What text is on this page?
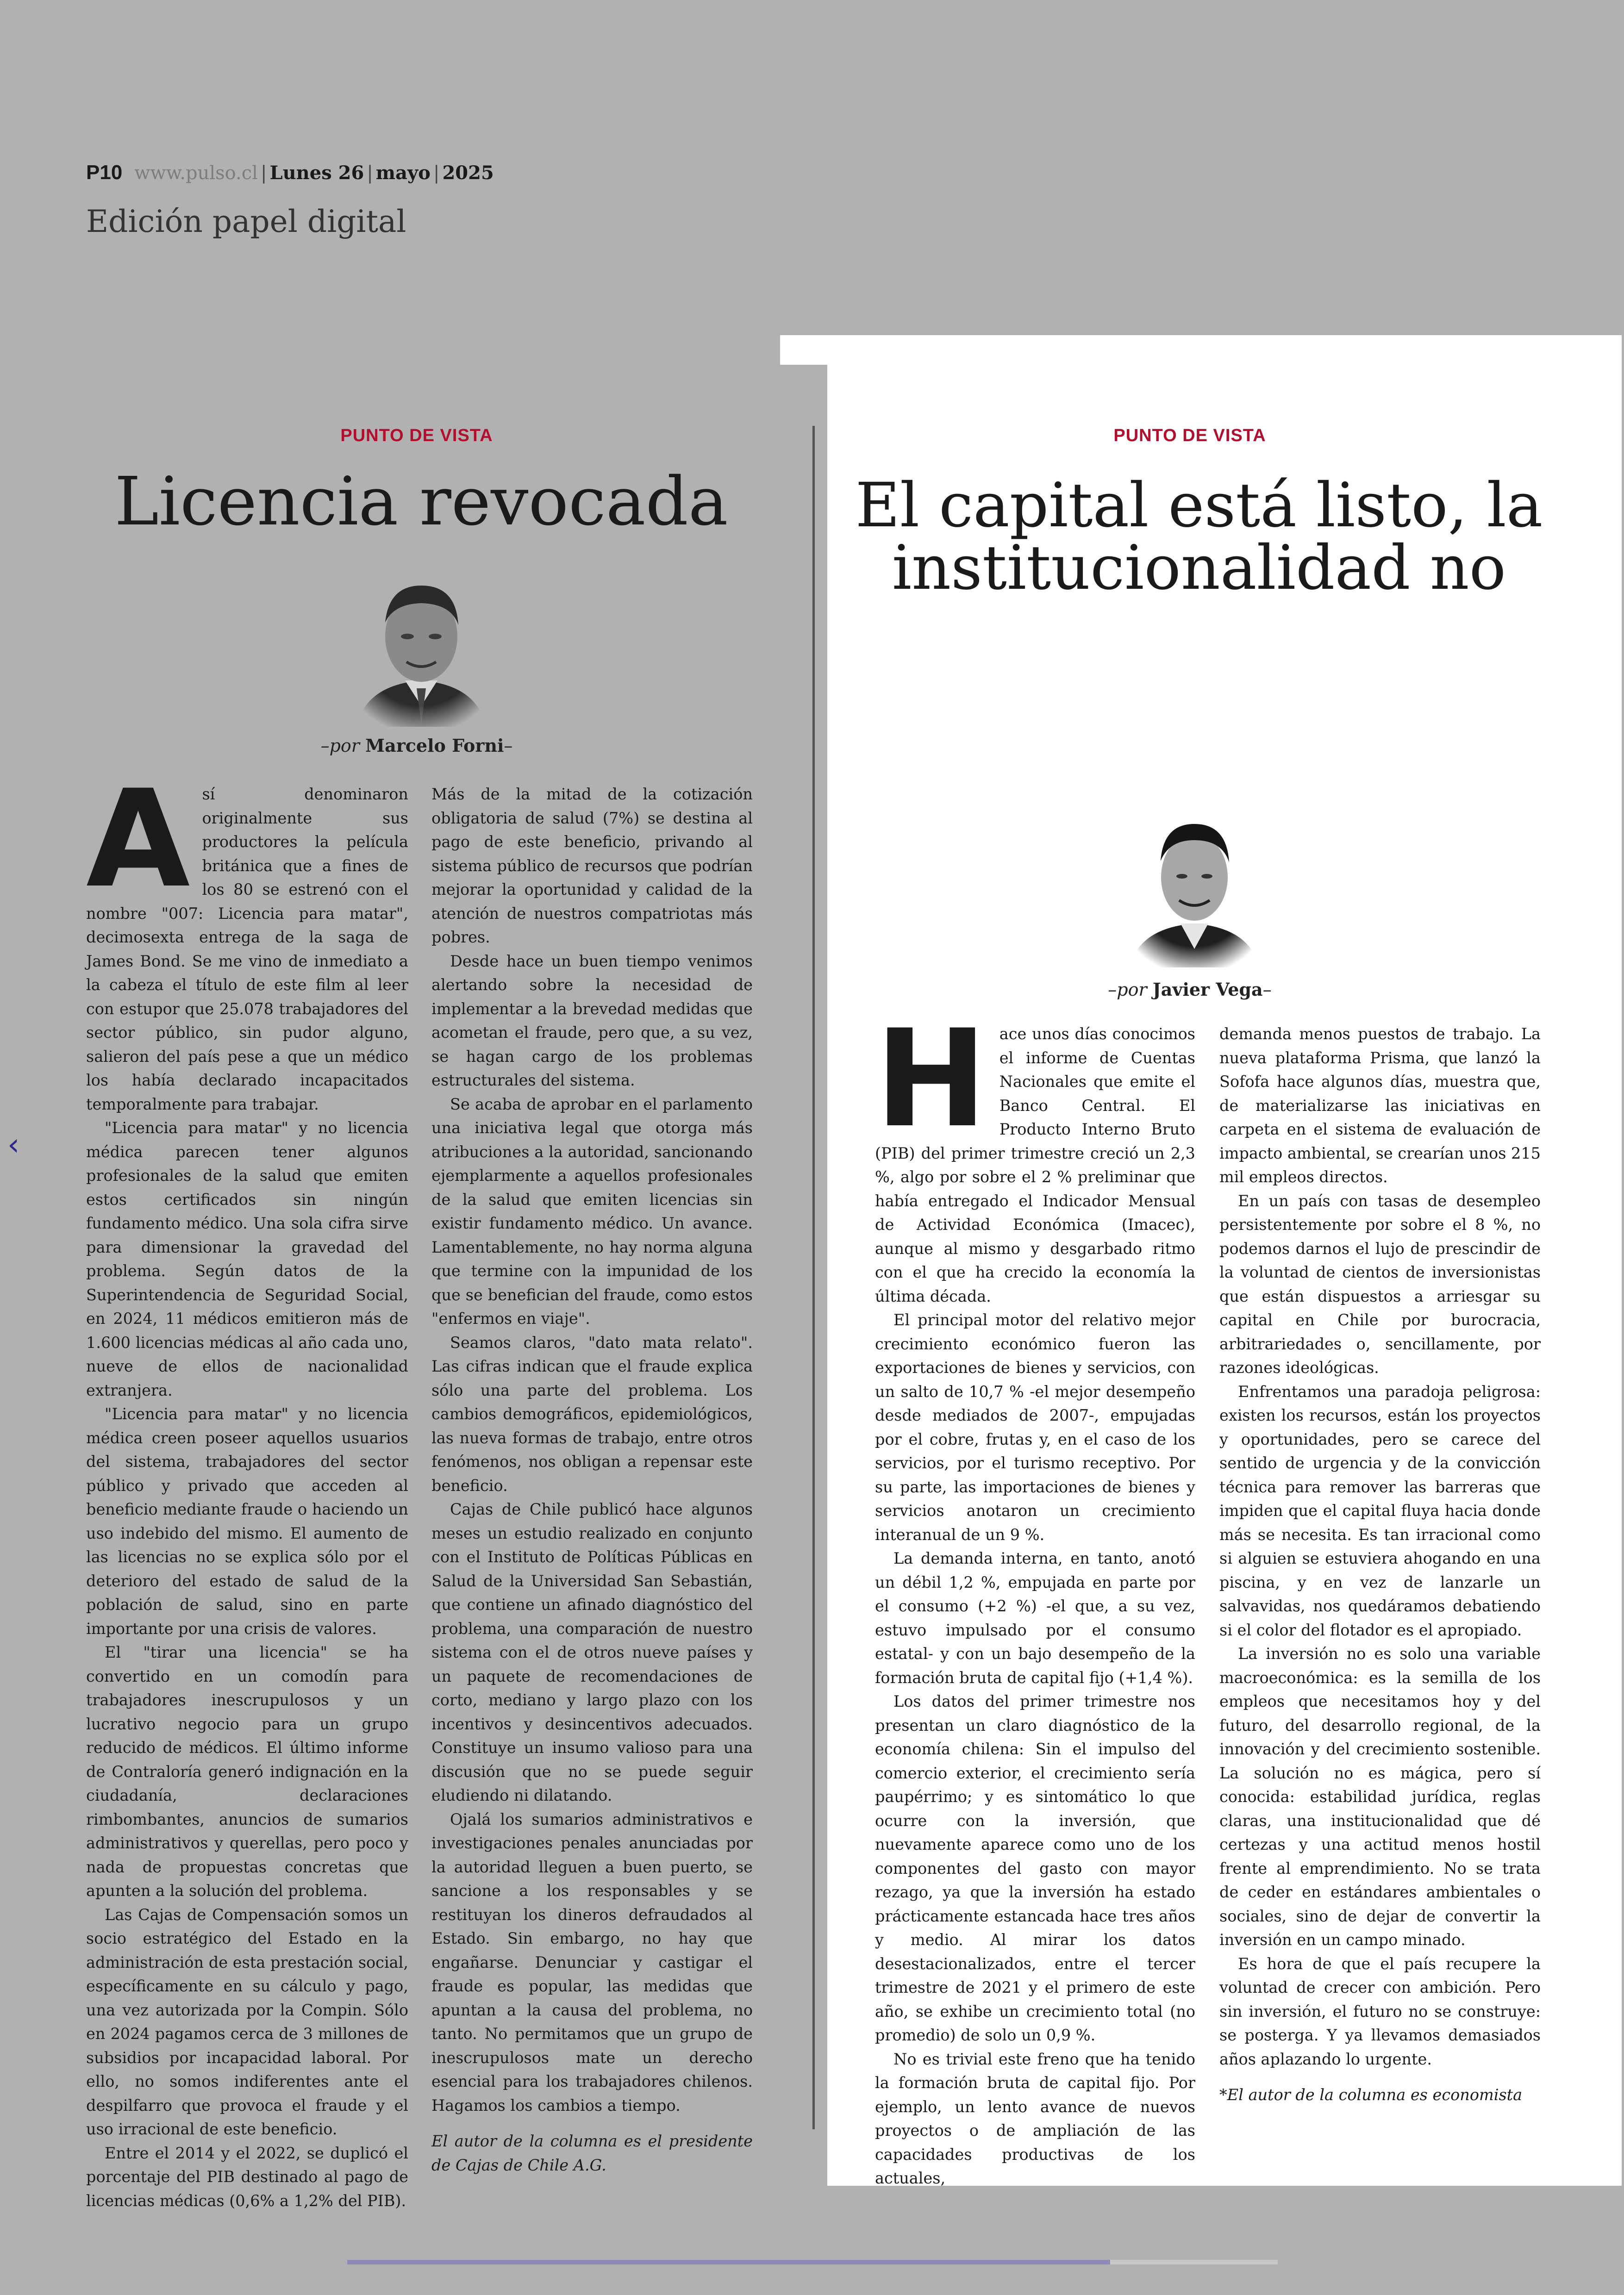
P10 www.pulso.cl | Lunes 26 | mayo | 2025
Edición papel digital
‹
PUNTO DE VISTA
Licencia revocada
–por Marcelo Forni–
A sí denominaron originalmente sus productores la película británica que a fines de los 80 se estrenó con el nombre "007: Licencia para matar", decimosexta entrega de la saga de James Bond. Se me vino de inmediato a la cabeza el título de este film al leer con estupor que 25.078 trabajadores del sector público, sin pudor alguno, salieron del país pese a que un médico los había declarado incapacitados temporalmente para trabajar.

"Licencia para matar" y no licencia médica parecen tener algunos profesionales de la salud que emiten estos certificados sin ningún fundamento médico. Una sola cifra sirve para dimensionar la gravedad del problema. Según datos de la Superintendencia de Seguridad Social, en 2024, 11 médicos emitieron más de 1.600 licencias médicas al año cada uno, nueve de ellos de nacionalidad extranjera.

"Licencia para matar" y no licencia médica creen poseer aquellos usuarios del sistema, trabajadores del sector público y privado que acceden al beneficio mediante fraude o haciendo un uso indebido del mismo. El aumento de las licencias no se explica sólo por el deterioro del estado de salud de la población de salud, sino en parte importante por una crisis de valores.

El "tirar una licencia" se ha convertido en un comodín para trabajadores inescrupulosos y un lucrativo negocio para un grupo reducido de médicos. El último informe de Contraloría generó indignación en la ciudadanía, declaraciones rimbombantes, anuncios de sumarios administrativos y querellas, pero poco y nada de propuestas concretas que apunten a la solución del problema.

Las Cajas de Compensación somos un socio estratégico del Estado en la administración de esta prestación social, específicamente en su cálculo y pago, una vez autorizada por la Compin. Sólo en 2024 pagamos cerca de 3 millones de subsidios por incapacidad laboral. Por ello, no somos indiferentes ante el despilfarro que provoca el fraude y el uso irracional de este beneficio.

Entre el 2014 y el 2022, se duplicó el porcentaje del PIB destinado al pago de licencias médicas (0,6% a 1,2% del PIB).

Más de la mitad de la cotización obligatoria de salud (7%) se destina al pago de este beneficio, privando al sistema público de recursos que podrían mejorar la oportunidad y calidad de la atención de nuestros compatriotas más pobres.

Desde hace un buen tiempo venimos alertando sobre la necesidad de implementar a la brevedad medidas que acometan el fraude, pero que, a su vez, se hagan cargo de los problemas estructurales del sistema.

Se acaba de aprobar en el parlamento una iniciativa legal que otorga más atribuciones a la autoridad, sancionando ejemplarmente a aquellos profesionales de la salud que emiten licencias sin existir fundamento médico. Un avance. Lamentablemente, no hay norma alguna que termine con la impunidad de los que se benefician del fraude, como estos "enfermos en viaje".

Seamos claros, "dato mata relato". Las cifras indican que el fraude explica sólo una parte del problema. Los cambios demográficos, epidemiológicos, las nueva formas de trabajo, entre otros fenómenos, nos obligan a repensar este beneficio.

Cajas de Chile publicó hace algunos meses un estudio realizado en conjunto con el Instituto de Políticas Públicas en Salud de la Universidad San Sebastián, que contiene un afinado diagnóstico del problema, una comparación de nuestro sistema con el de otros nueve países y un paquete de recomendaciones de corto, mediano y largo plazo con los incentivos y desincentivos adecuados. Constituye un insumo valioso para una discusión que no se puede seguir eludiendo ni dilatando.

Ojalá los sumarios administrativos e investigaciones penales anunciadas por la autoridad lleguen a buen puerto, se sancione a los responsables y se restituyan los dineros defraudados al Estado. Sin embargo, no hay que engañarse. Denunciar y castigar el fraude es popular, las medidas que apuntan a la causa del problema, no tanto. No permitamos que un grupo de inescrupulosos mate un derecho esencial para los trabajadores chilenos. Hagamos los cambios a tiempo.

El autor de la columna es el presidente de Cajas de Chile A.G.

PUNTO DE VISTA
El capital está listo, la
institucionalidad no
–por Javier Vega–
H ace unos días conocimos el informe de Cuentas Nacionales que emite el Banco Central. El Producto Interno Bruto (PIB) del primer trimestre creció un 2,3 %, algo por sobre el 2 % preliminar que había entregado el Indicador Mensual de Actividad Económica (Imacec), aunque al mismo y desgarbado ritmo con el que ha crecido la economía la última década.

El principal motor del relativo mejor crecimiento económico fueron las exportaciones de bienes y servicios, con un salto de 10,7 % -el mejor desempeño desde mediados de 2007-, empujadas por el cobre, frutas y, en el caso de los servicios, por el turismo receptivo. Por su parte, las importaciones de bienes y servicios anotaron un crecimiento interanual de un 9 %.

La demanda interna, en tanto, anotó un débil 1,2 %, empujada en parte por el consumo (+2 %) -el que, a su vez, estuvo impulsado por el consumo estatal- y con un bajo desempeño de la formación bruta de capital fijo (+1,4 %).

Los datos del primer trimestre nos presentan un claro diagnóstico de la economía chilena: Sin el impulso del comercio exterior, el crecimiento sería paupérrimo; y es sintomático lo que ocurre con la inversión, que nuevamente aparece como uno de los componentes del gasto con mayor rezago, ya que la inversión ha estado prácticamente estancada hace tres años y medio. Al mirar los datos desestacionalizados, entre el tercer trimestre de 2021 y el primero de este año, se exhibe un crecimiento total (no promedio) de solo un 0,9 %.

No es trivial este freno que ha tenido la formación bruta de capital fijo. Por ejemplo, un lento avance de nuevos proyectos o de ampliación de las capacidades productivas de los actuales,

demanda menos puestos de trabajo. La nueva plataforma Prisma, que lanzó la Sofofa hace algunos días, muestra que, de materializarse las iniciativas en carpeta en el sistema de evaluación de impacto ambiental, se crearían unos 215 mil empleos directos.

En un país con tasas de desempleo persistentemente por sobre el 8 %, no podemos darnos el lujo de prescindir de la voluntad de cientos de inversionistas que están dispuestos a arriesgar su capital en Chile por burocracia, arbitrariedades o, sencillamente, por razones ideológicas.

Enfrentamos una paradoja peligrosa: existen los recursos, están los proyectos y oportunidades, pero se carece del sentido de urgencia y de la convicción técnica para remover las barreras que impiden que el capital fluya hacia donde más se necesita. Es tan irracional como si alguien se estuviera ahogando en una piscina, y en vez de lanzarle un salvavidas, nos quedáramos debatiendo si el color del flotador es el apropiado.

La inversión no es solo una variable macroeconómica: es la semilla de los empleos que necesitamos hoy y del futuro, del desarrollo regional, de la innovación y del crecimiento sostenible. La solución no es mágica, pero sí conocida: estabilidad jurídica, reglas claras, una institucionalidad que dé certezas y una actitud menos hostil frente al emprendimiento. No se trata de ceder en estándares ambientales o sociales, sino de dejar de convertir la inversión en un campo minado.

Es hora de que el país recupere la voluntad de crecer con ambición. Pero sin inversión, el futuro no se construye: se posterga. Y ya llevamos demasiados años aplazando lo urgente.

*El autor de la columna es economista
